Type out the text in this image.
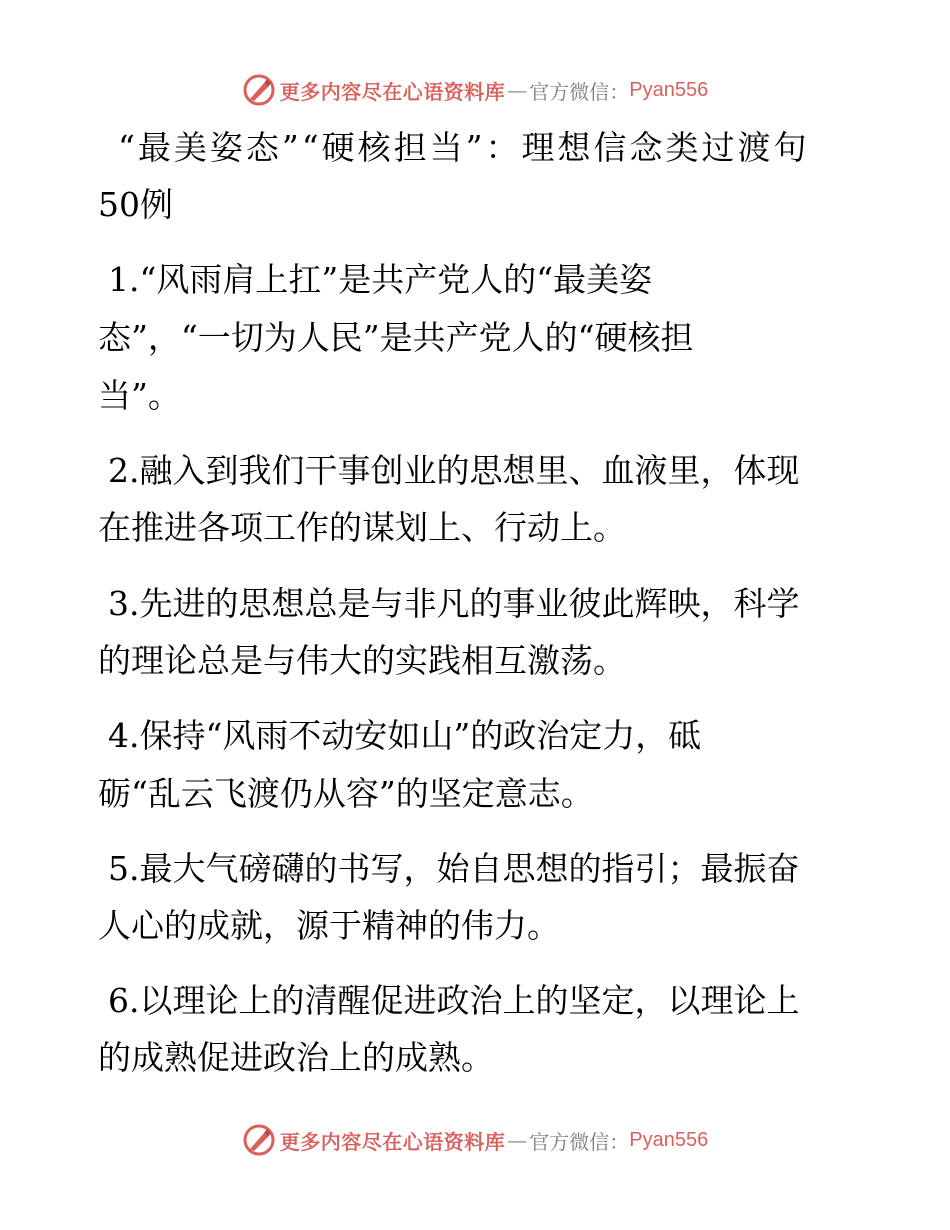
更多内容尽在心语资料库 — 官方微信： Pyan556
“最美姿态”“硬核担当”：理想信念类过渡句
50例
1.“风雨肩上扛”是共产党人的“最美姿
态”，“一切为人民”是共产党人的“硬核担
当”。
2.融入到我们干事创业的思想里、血液里，体现
在推进各项工作的谋划上、行动上。
3.先进的思想总是与非凡的事业彼此辉映，科学
的理论总是与伟大的实践相互激荡。
4.保持“风雨不动安如山”的政治定力，砥
砺“乱云飞渡仍从容”的坚定意志。
5.最大气磅礴的书写，始自思想的指引；最振奋
人心的成就，源于精神的伟力。
6.以理论上的清醒促进政治上的坚定，以理论上
的成熟促进政治上的成熟。
更多内容尽在心语资料库 — 官方微信： Pyan556
